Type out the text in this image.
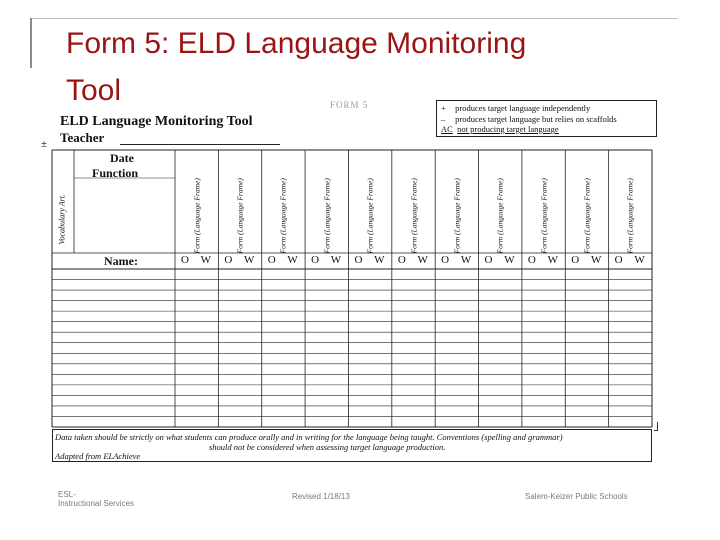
Form 5: ELD Language Monitoring
Tool	FORM 5
ELD Language Monitoring Tool
Teacher
±
+ produces target language independently
– produces target language but relies on scaffolds
AC not producing target language
Date
Function
Vocabulary Art.
Name:
Form (Language Frame)
O W
Form (Language Frame)
O W
Form (Language Frame)
O W
Form (Language Frame)
O W
Form (Language Frame)
O W
Form (Language Frame)
O W
Form (Language Frame)
O W
Form (Language Frame)
O W
Form (Language Frame)
O W
Form (Language Frame)
O W
Form (Language Frame)
O W
Data taken should be strictly on what students can produce orally and in writing for the language being taught. Conventions (spelling and grammar)
should not be considered when assessing target language production.
Adapted from ELAchieve
ESL-
Instructional Services
Revised 1/18/13	Salem-Keizer Public Schools
